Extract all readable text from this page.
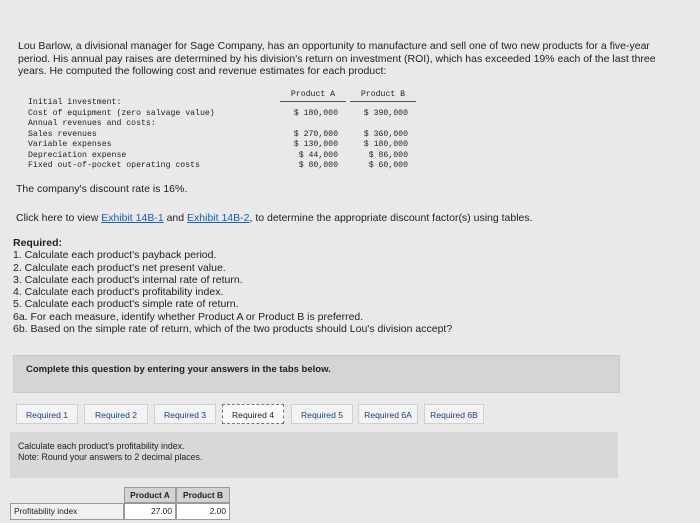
Lou Barlow, a divisional manager for Sage Company, has an opportunity to manufacture and sell one of two new products for a five-year period. His annual pay raises are determined by his division's return on investment (ROI), which has exceeded 19% each of the last three years. He computed the following cost and revenue estimates for each product:
Product A	Product B
Initial investment:
Cost of equipment (zero salvage value)	$ 180,000	$ 390,000
Annual revenues and costs:
Sales revenues	$ 270,000	$ 360,000
Variable expenses	$ 130,000	$ 180,000
Depreciation expense	$ 44,000	$ 86,000
Fixed out-of-pocket operating costs	$ 80,000	$ 60,000
The company's discount rate is 16%.
Click here to view Exhibit 14B-1 and Exhibit 14B-2, to determine the appropriate discount factor(s) using tables.
Required:
1. Calculate each product's payback period.
2. Calculate each product's net present value.
3. Calculate each product's internal rate of return.
4. Calculate each product's profitability index.
5. Calculate each product's simple rate of return.
6a. For each measure, identify whether Product A or Product B is preferred.
6b. Based on the simple rate of return, which of the two products should Lou's division accept?
Complete this question by entering your answers in the tabs below.
Required 1	Required 2	Required 3	Required 4	Required 5	Required 6A	Required 6B
Calculate each product's profitability index.
Note: Round your answers to 2 decimal places.
Product A	Product B
Profitability index	27.00	2.00
